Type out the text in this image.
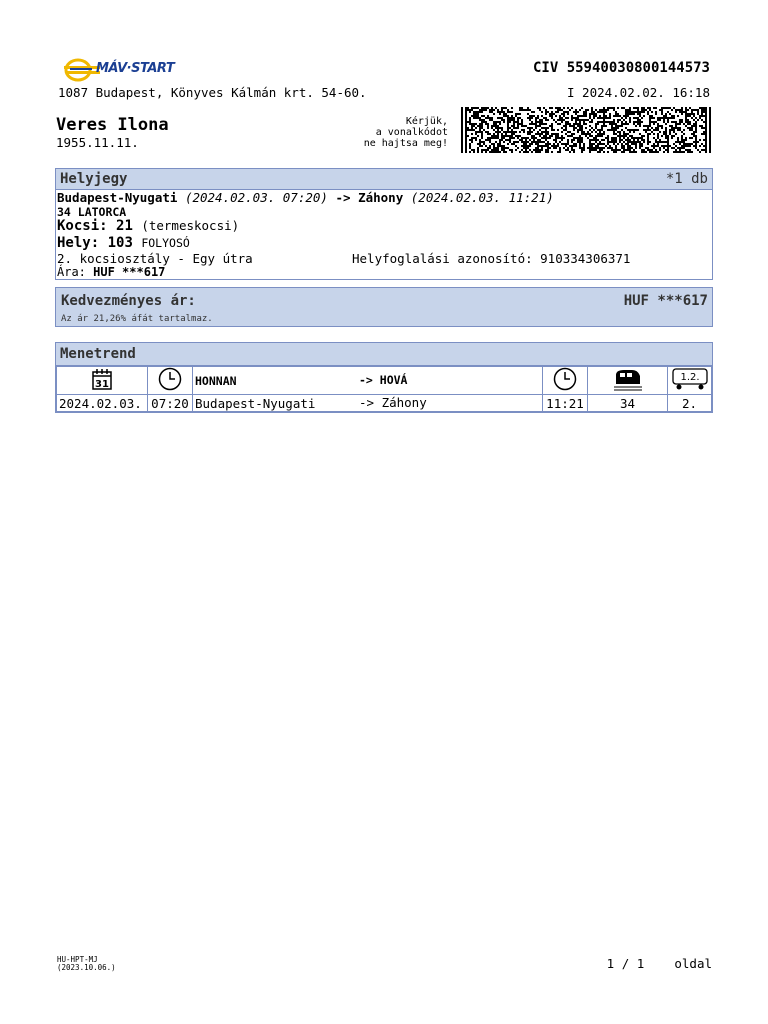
MÁV·START	CIV 55940030800144573
1087 Budapest, Könyves Kálmán krt. 54-60.	I 2024.02.02. 16:18
Veres Ilona
1955.11.11.
Kérjük,
a vonalkódot
ne hajtsa meg!
Helyjegy	*1 db
Budapest-Nyugati (2024.02.03. 07:20) -> Záhony (2024.02.03. 11:21)
34 LATORCA
Kocsi: 21 (termeskocsi)
Hely: 103 FOLYOSÓ
2. kocsiosztály - Egy útra	Helyfoglalási azonosító: 910334306371
Ára: HUF ***617
Kedvezményes ár:	HUF ***617
Az ár 21,26% áfát tartalmaz.
Menetrend
31		HONNAN -> HOVÁ			1.2.

2024.02.03.	07:20	Budapest-Nyugati -> Záhony	11:21	34	2.
HU-HPT-MJ
(2023.10.06.)	1 / 1    oldal
